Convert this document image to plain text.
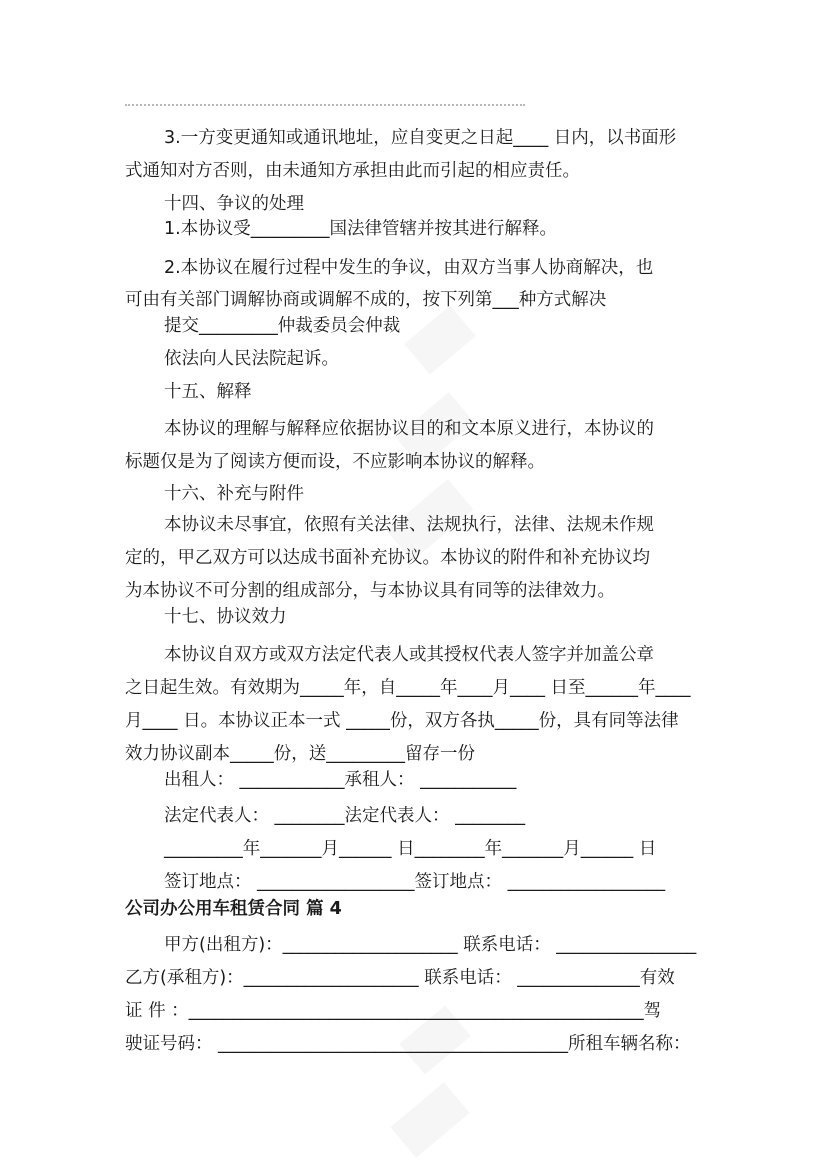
3.一方变更通知或通讯地址，应自变更之日起____ 日内，以书面形
式通知对方否则，由未通知方承担由此而引起的相应责任。
十四、争议的处理
1.本协议受_________国法律管辖并按其进行解释。
2.本协议在履行过程中发生的争议，由双方当事人协商解决，也
可由有关部门调解协商或调解不成的，按下列第___种方式解决
提交_________仲裁委员会仲裁
依法向人民法院起诉。
十五、解释
本协议的理解与解释应依据协议目的和文本原义进行，本协议的
标题仅是为了阅读方便而设，不应影响本协议的解释。
十六、补充与附件
本协议未尽事宜，依照有关法律、法规执行，法律、法规未作规
定的，甲乙双方可以达成书面补充协议。本协议的附件和补充协议均
为本协议不可分割的组成部分，与本协议具有同等的法律效力。
十七、协议效力
本协议自双方或双方法定代表人或其授权代表人签字并加盖公章
之日起生效。有效期为_____年，自_____年____月____ 日至______年____
月____ 日。本协议正本一式 _____份，双方各执_____份，具有同等法律
效力协议副本_____份，送_________留存一份
出租人： ____________承租人： ___________
法定代表人： ________法定代表人： ________
_________年_______月______ 日________年_______月______ 日
签订地点： __________________签订地点： __________________
公司办公用车租赁合同 篇 4
甲方(出租方)：____________________ 联系电话： ________________
乙方(承租方)：____________________ 联系电话： ______________有效
证 件 ：____________________________________________________驾
驶证号码： ________________________________________所租车辆名称：
